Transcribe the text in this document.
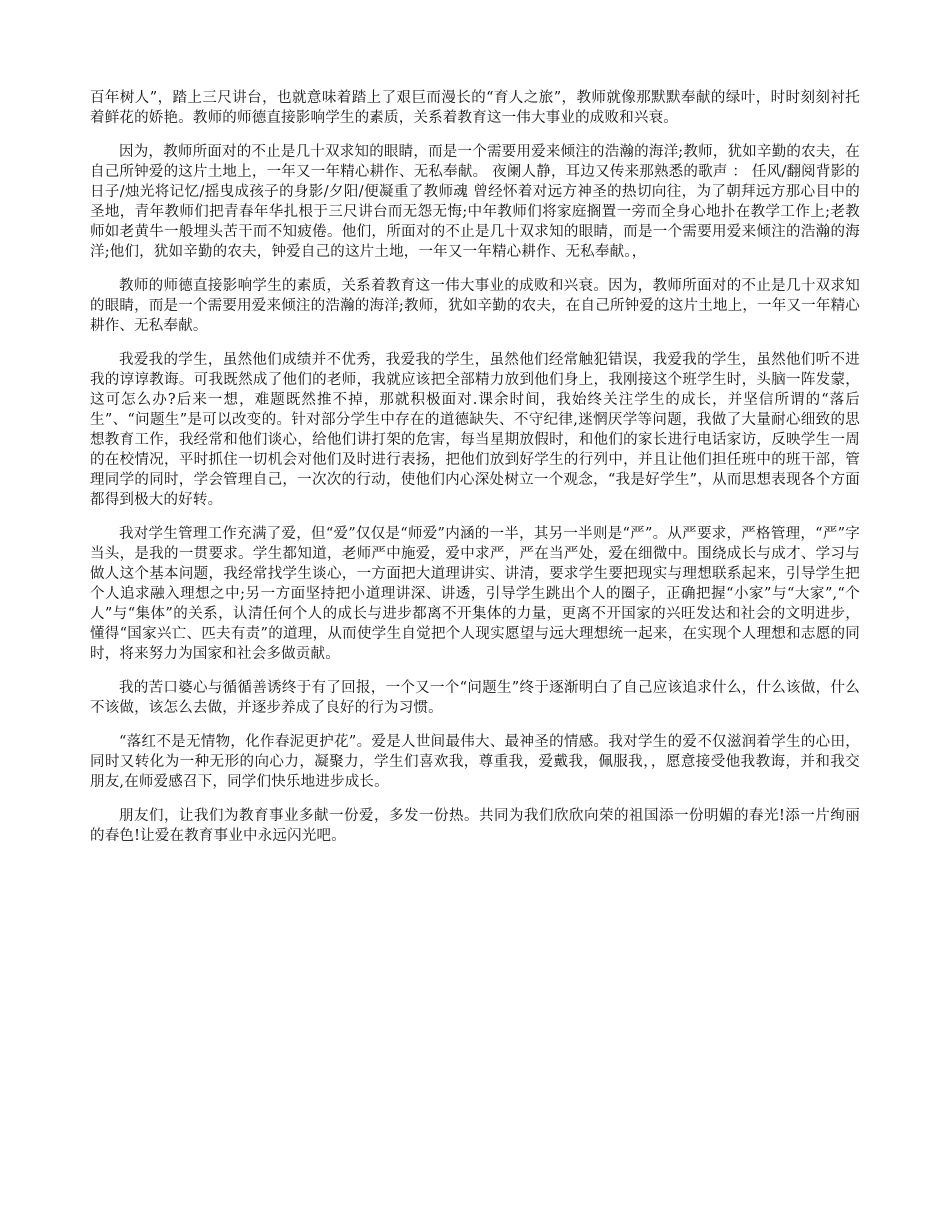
百年树人”，踏上三尺讲台，也就意味着踏上了艰巨而漫长的“育人之旅”，教师就像那默默奉献的绿叶，时时刻刻衬托着鲜花的娇艳。教师的师德直接影响学生的素质，关系着教育这一伟大事业的成败和兴衰。

因为，教师所面对的不止是几十双求知的眼睛，而是一个需要用爱来倾注的浩瀚的海洋;教师，犹如辛勤的农夫，在自己所钟爱的这片土地上，一年又一年精心耕作、无私奉献。 夜阑人静，耳边又传来那熟悉的歌声 ： 任风/翻阅背影的日子/烛光将记忆/摇曳成孩子的身影/夕阳/便凝重了教师魂 曾经怀着对远方神圣的热切向往，为了朝拜远方那心目中的圣地，青年教师们把青春年华扎根于三尺讲台而无怨无悔;中年教师们将家庭搁置一旁而全身心地扑在教学工作上;老教师如老黄牛一般埋头苦干而不知疲倦。他们，所面对的不止是几十双求知的眼睛，而是一个需要用爱来倾注的浩瀚的海洋;他们，犹如辛勤的农夫，钟爱自己的这片土地，一年又一年精心耕作、无私奉献。，

教师的师德直接影响学生的素质，关系着教育这一伟大事业的成败和兴衰。因为，教师所面对的不止是几十双求知的眼睛，而是一个需要用爱来倾注的浩瀚的海洋;教师，犹如辛勤的农夫，在自己所钟爱的这片土地上，一年又一年精心耕作、无私奉献。

我爱我的学生，虽然他们成绩并不优秀，我爱我的学生，虽然他们经常触犯错误，我爱我的学生，虽然他们听不进我的谆谆教诲。可我既然成了他们的老师，我就应该把全部精力放到他们身上，我刚接这个班学生时，头脑一阵发蒙，这可怎么办?后来一想，难题既然推不掉，那就积极面对.课余时间，我始终关注学生的成长，并坚信所谓的“落后生”、“问题生”是可以改变的。针对部分学生中存在的道德缺失、不守纪律,迷惘厌学等问题，我做了大量耐心细致的思想教育工作，我经常和他们谈心，给他们讲打架的危害，每当星期放假时，和他们的家长进行电话家访，反映学生一周的在校情况，平时抓住一切机会对他们及时进行表扬，把他们放到好学生的行列中，并且让他们担任班中的班干部，管理同学的同时，学会管理自己，一次次的行动，使他们内心深处树立一个观念，“我是好学生”，从而思想表现各个方面都得到极大的好转。

我对学生管理工作充满了爱，但“爱”仅仅是“师爱”内涵的一半，其另一半则是“严”。从严要求，严格管理，“严”字当头，是我的一贯要求。学生都知道，老师严中施爱，爱中求严，严在当严处，爱在细微中。围绕成长与成才、学习与做人这个基本问题，我经常找学生谈心，一方面把大道理讲实、讲清，要求学生要把现实与理想联系起来，引导学生把个人追求融入理想之中;另一方面坚持把小道理讲深、讲透，引导学生跳出个人的圈子，正确把握“小家”与“大家”,“个人”与“集体”的关系，认清任何个人的成长与进步都离不开集体的力量，更离不开国家的兴旺发达和社会的文明进步，懂得“国家兴亡、匹夫有责”的道理，从而使学生自觉把个人现实愿望与远大理想统一起来，在实现个人理想和志愿的同时，将来努力为国家和社会多做贡献。

我的苦口婆心与循循善诱终于有了回报，一个又一个“问题生”终于逐渐明白了自己应该追求什么，什么该做，什么不该做，该怎么去做，并逐步养成了良好的行为习惯。

“落红不是无情物，化作春泥更护花”。爱是人世间最伟大、最神圣的情感。我对学生的爱不仅滋润着学生的心田，同时又转化为一种无形的向心力，凝聚力，学生们喜欢我，尊重我，爱戴我，佩服我，，愿意接受他我教诲，并和我交朋友,在师爱感召下，同学们快乐地进步成长。

朋友们，让我们为教育事业多献一份爱，多发一份热。共同为我们欣欣向荣的祖国添一份明媚的春光!添一片绚丽的春色!让爱在教育事业中永远闪光吧。
